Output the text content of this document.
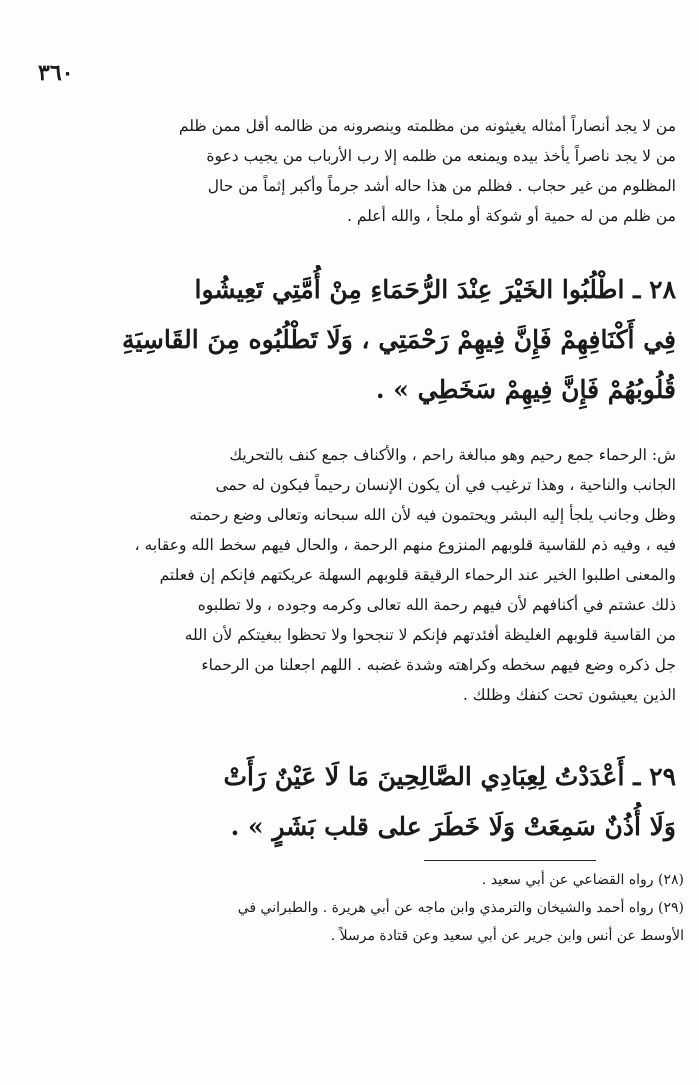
٣٦٠
من لا يجد أنصاراً أمثاله يغيثونه من مظلمته وينصرونه من ظالمه أقل ممن ظلم
من لا يجد ناصراً يأخذ بيده ويمنعه من ظلمه إلا رب الأرباب من يجيب دعوة
المظلوم من غير حجاب . فظلم من هذا حاله أشد جرماً وأكبر إثماً من حال
من ظلم من له حمية أو شوكة أو ملجأ ، والله أعلم .
٢٨ ـ اطْلُبُوا الخَيْرَ عِنْدَ الرُّحَمَاءِ مِنْ أُمَّتِي تَعِيشُوا
فِي أَكْنَافِهِمْ فَإِنَّ فِيهِمْ رَحْمَتِي ، وَلَا تَطْلُبُوه مِنَ القَاسِيَةِ
قُلُوبُهُمْ فَإِنَّ فِيهِمْ سَخَطِي » .
ش: الرحماء جمع رحيم وهو مبالغة راحم ، والأكناف جمع كنف بالتحريك
الجانب والناحية ، وهذا ترغيب في أن يكون الإنسان رحيماً فيكون له حمى
وظل وجانب يلجأ إليه البشر ويحتمون فيه لأن الله سبحانه وتعالى وضع رحمته
فيه ، وفيه ذم للقاسية قلوبهم المنزوع منهم الرحمة ، والحال فيهم سخط الله وعقابه ،
والمعنى اطلبوا الخير عند الرحماء الرقيقة قلوبهم السهلة عريكتهم فإنكم إن فعلتم
ذلك عشتم في أكنافهم لأن فيهم رحمة الله تعالى وكرمه وجوده ، ولا تطلبوه
من القاسية قلوبهم الغليظة أفئدتهم فإنكم لا تنجحوا ولا تحظوا ببغيتكم لأن الله
جل ذكره وضع فيهم سخطه وكراهته وشدة غضبه . اللهم اجعلنا من الرحماء
الذين يعيشون تحت كنفك وظلك .
٢٩ ـ أَعْدَدْتُ لِعِبَادِي الصَّالِحِينَ مَا لَا عَيْنٌ رَأَتْ
وَلَا أُذُنٌ سَمِعَتْ وَلَا خَطَرَ على قلب بَشَرٍ » .
(٢٨) رواه القضاعي عن أبي سعيد .
(٢٩) رواه أحمد والشيخان والترمذي وابن ماجه عن أبي هريرة . والطبراني في
الأوسط عن أنس وابن جرير عن أبي سعيد وعن قتادة مرسلاً .
